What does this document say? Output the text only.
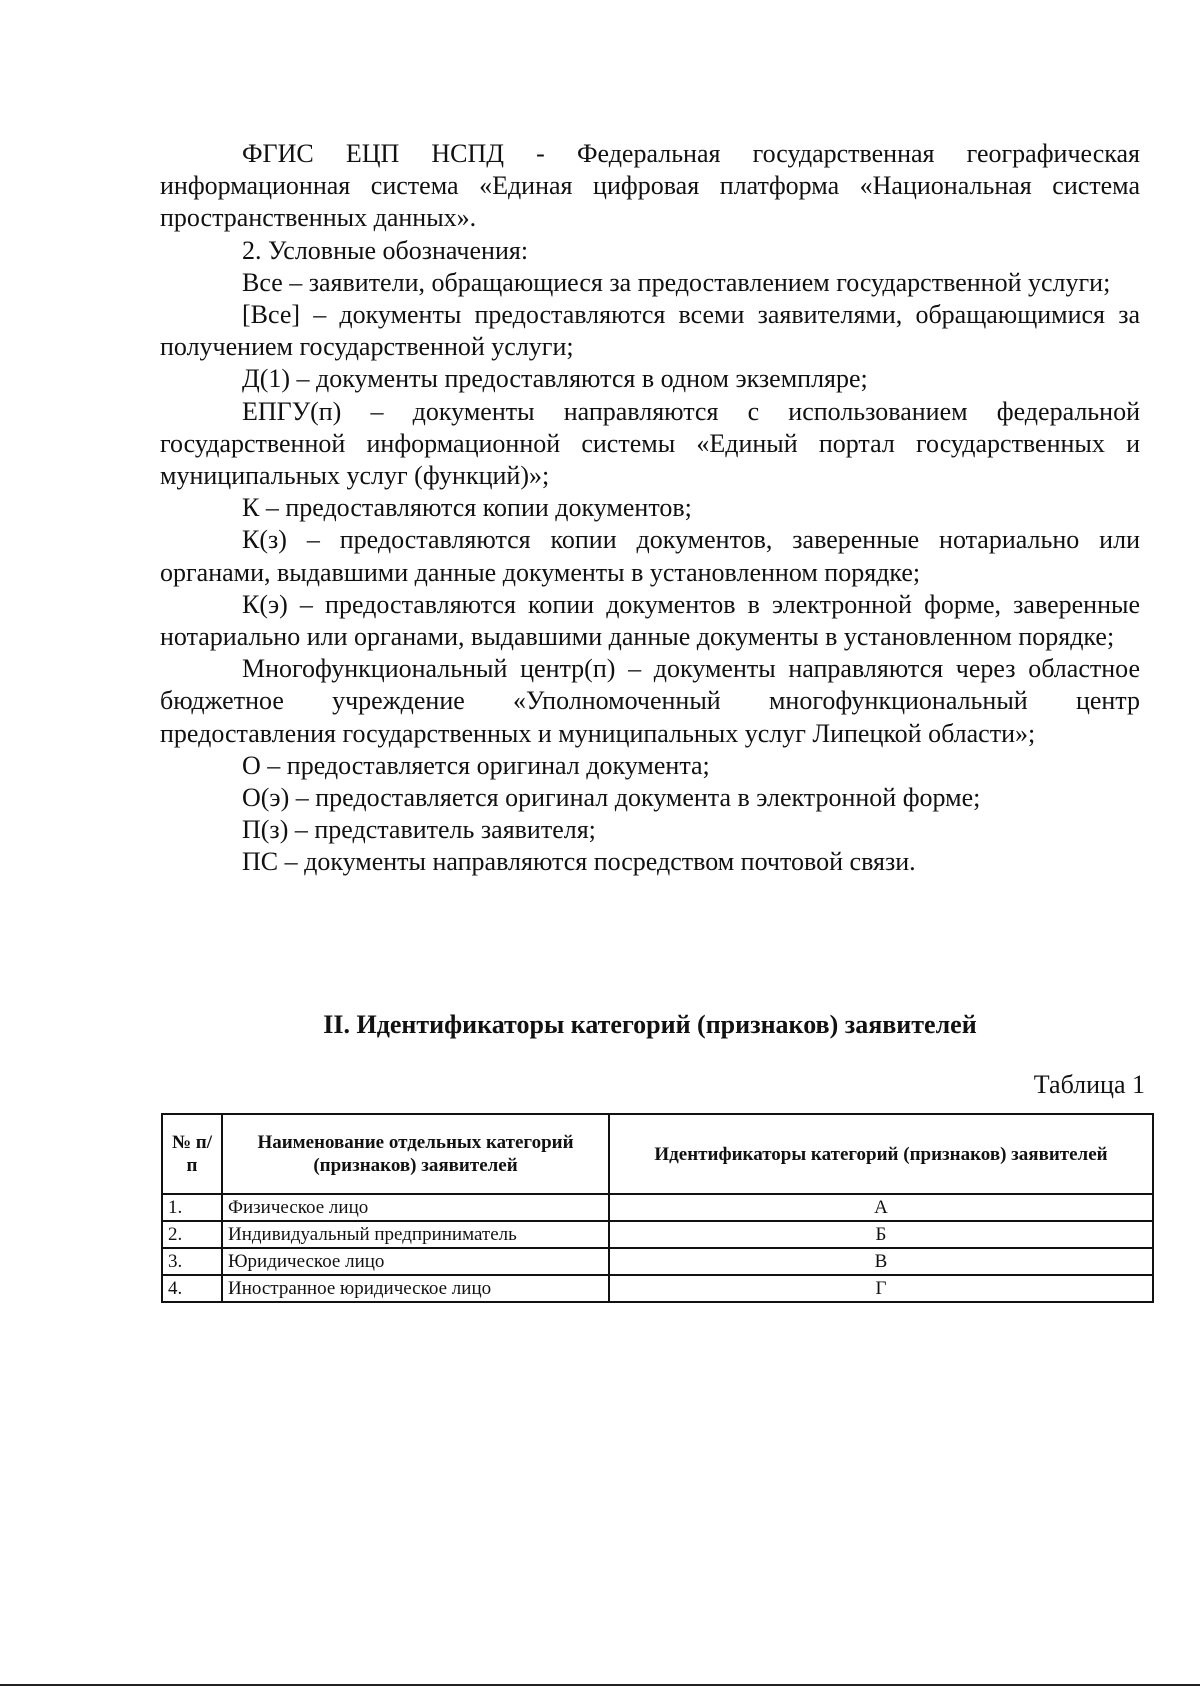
ФГИС ЕЦП НСПД - Федеральная государственная географическая информационная система «Единая цифровая платформа «Национальная система пространственных данных».

2. Условные обозначения:

Все – заявители, обращающиеся за предоставлением государственной услуги;

[Все] – документы предоставляются всеми заявителями, обращающимися за получением государственной услуги;

Д(1) – документы предоставляются в одном экземпляре;

ЕПГУ(п) – документы направляются с использованием федеральной государственной информационной системы «Единый портал государственных и муниципальных услуг (функций)»;

К – предоставляются копии документов;

К(з) – предоставляются копии документов, заверенные нотариально или органами, выдавшими данные документы в установленном порядке;

К(э) – предоставляются копии документов в электронной форме, заверенные нотариально или органами, выдавшими данные документы в установленном порядке;

Многофункциональный центр(п) – документы направляются через областное бюджетное учреждение «Уполномоченный многофункциональный центр предоставления государственных и муниципальных услуг Липецкой области»;

О – предоставляется оригинал документа;

О(э) – предоставляется оригинал документа в электронной форме;

П(з) – представитель заявителя;

ПС – документы направляются посредством почтовой связи.

II. Идентификаторы категорий (признаков) заявителей

Таблица 1

№ п/п	Наименование отдельных категорий (признаков) заявителей	Идентификаторы категорий (признаков) заявителей
1.	Физическое лицо	А
2.	Индивидуальный предприниматель	Б
3.	Юридическое лицо	В
4.	Иностранное юридическое лицо	Г
